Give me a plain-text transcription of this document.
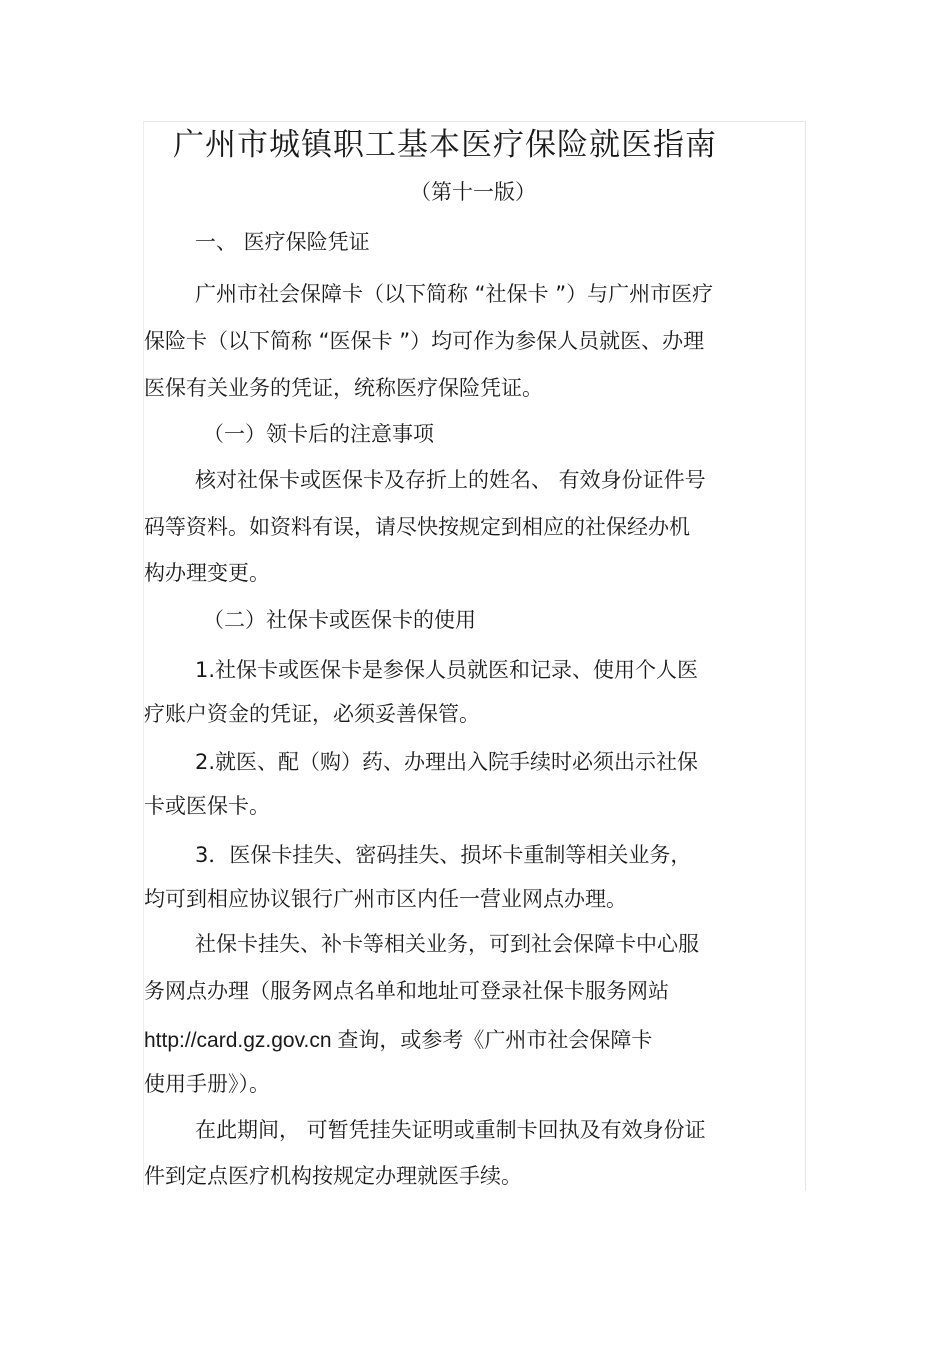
广州市城镇职工基本医疗保险就医指南
（第十一版）
一、 医疗保险凭证
广州市社会保障卡（以下简称 “社保卡 ”）与广州市医疗
保险卡（以下简称 “医保卡 ”）均可作为参保人员就医、办理
医保有关业务的凭证，统称医疗保险凭证。
（一）领卡后的注意事项
核对社保卡或医保卡及存折上的姓名、 有效身份证件号
码等资料。如资料有误，请尽快按规定到相应的社保经办机
构办理变更。
（二）社保卡或医保卡的使用
1.社保卡或医保卡是参保人员就医和记录、使用个人医
疗账户资金的凭证，必须妥善保管。
2.就医、配（购）药、办理出入院手续时必须出示社保
卡或医保卡。
3．医保卡挂失、密码挂失、损坏卡重制等相关业务，
均可到相应协议银行广州市区内任一营业网点办理。
社保卡挂失、补卡等相关业务，可到社会保障卡中心服
务网点办理（服务网点名单和地址可登录社保卡服务网站
http://card.gz.gov.cn 查询，或参考《广州市社会保障卡
使用手册》）。
在此期间， 可暂凭挂失证明或重制卡回执及有效身份证
件到定点医疗机构按规定办理就医手续。
